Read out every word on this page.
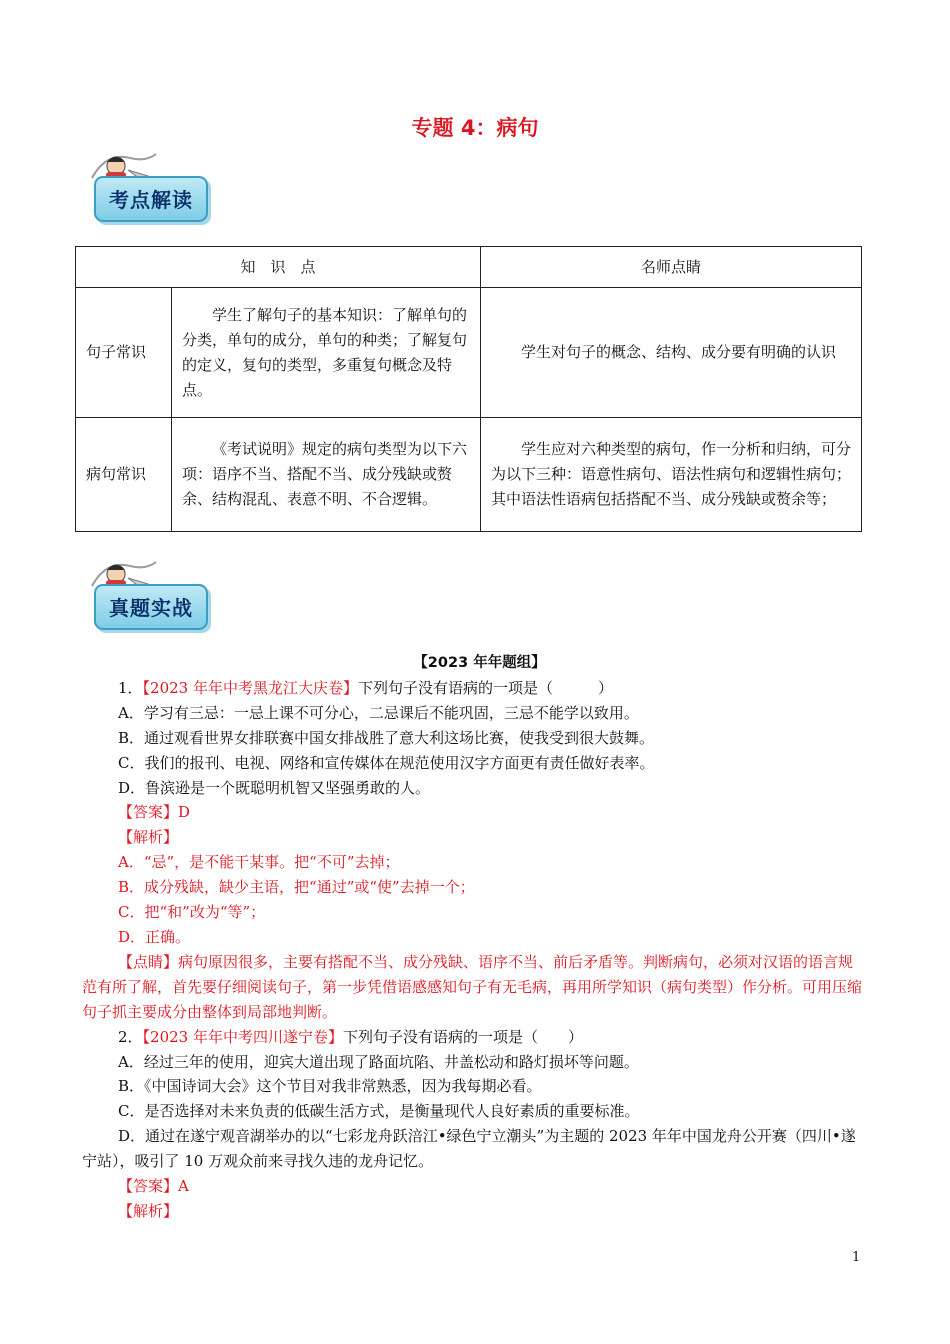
专题 4：病句
考点解读
知　识　点		名师点睛
句子常识	学生了解句子的基本知识：了解单句的分类，单句的成分，单句的种类；了解复句的定义，复句的类型，多重复句概念及特点。	学生对句子的概念、结构、成分要有明确的认识

病句常识	《考试说明》规定的病句类型为以下六项：语序不当、搭配不当、成分残缺或赘余、结构混乱、表意不明、不合逻辑。	学生应对六种类型的病句，作一分析和归纳，可分为以下三种：语意性病句、语法性病句和逻辑性病句；其中语法性语病包括搭配不当、成分残缺或赘余等；

真题实战

【2023 年年题组】

1．【2023 年年中考黑龙江大庆卷】下列句子没有语病的一项是（　　　）

A．学习有三忌：一忌上课不可分心，二忌课后不能巩固，三忌不能学以致用。

B．通过观看世界女排联赛中国女排战胜了意大利这场比赛，使我受到很大鼓舞。

C．我们的报刊、电视、网络和宣传媒体在规范使用汉字方面更有责任做好表率。

D．鲁滨逊是一个既聪明机智又坚强勇敢的人。

【答案】D

【解析】

A．“忌”，是不能干某事。把“不可”去掉；

B．成分残缺，缺少主语，把“通过”或“使”去掉一个；

C．把“和”改为“等”；

D．正确。

【点睛】病句原因很多，主要有搭配不当、成分残缺、语序不当、前后矛盾等。判断病句，必须对汉语的语言规范有所了解，首先要仔细阅读句子，第一步凭借语感感知句子有无毛病，再用所学知识（病句类型）作分析。可用压缩句子抓主要成分由整体到局部地判断。

2．【2023 年年中考四川遂宁卷】下列句子没有语病的一项是（　　）

A．经过三年的使用，迎宾大道出现了路面坑陷、井盖松动和路灯损坏等问题。

B．《中国诗词大会》这个节目对我非常熟悉，因为我每期必看。

C．是否选择对未来负责的低碳生活方式，是衡量现代人良好素质的重要标准。

D．通过在遂宁观音湖举办的以“七彩龙舟跃涪江•绿色宁立潮头”为主题的 2023 年年中国龙舟公开赛（四川•遂宁站），吸引了 10 万观众前来寻找久违的龙舟记忆。

【答案】A

【解析】

1
